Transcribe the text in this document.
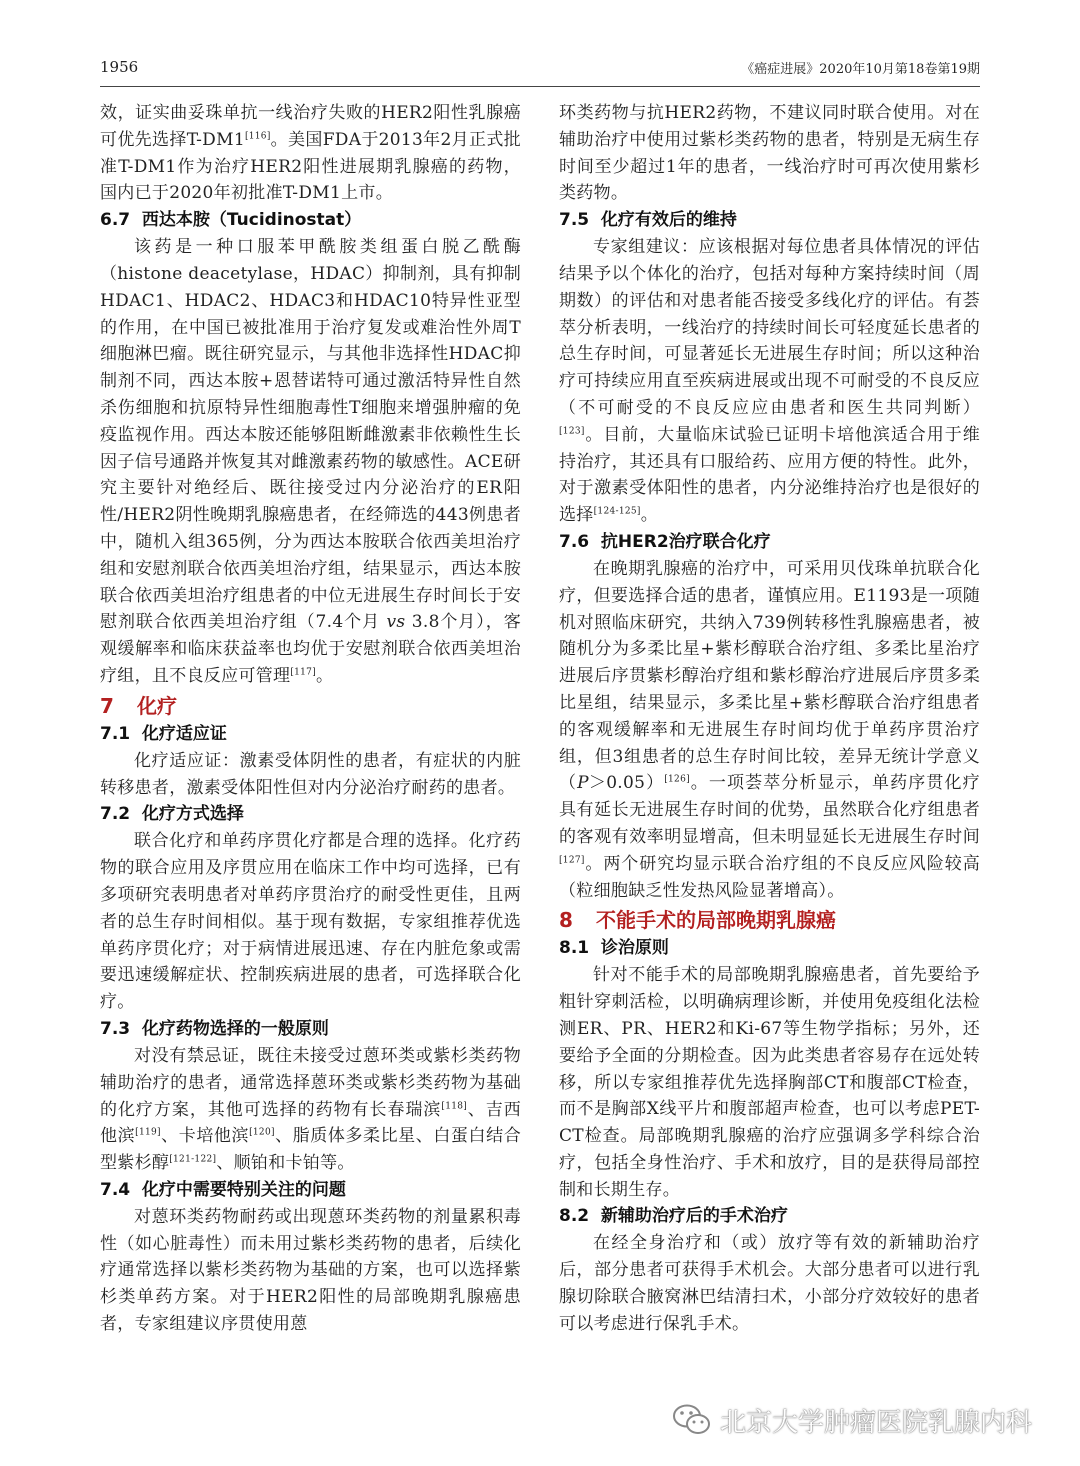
1956	《癌症进展》2020年10月第18卷第19期

效，证实曲妥珠单抗一线治疗失败的HER2阳性乳腺癌可优先选择T-DM1[116]。美国FDA于2013年2月正式批准T-DM1作为治疗HER2阳性进展期乳腺癌的药物，国内已于2020年初批准T-DM1上市。

6.7 西达本胺（Tucidinostat）

该药是一种口服苯甲酰胺类组蛋白脱乙酰酶（histone deacetylase，HDAC）抑制剂，具有抑制HDAC1、HDAC2、HDAC3和HDAC10特异性亚型的作用，在中国已被批准用于治疗复发或难治性外周T细胞淋巴瘤。既往研究显示，与其他非选择性HDAC抑制剂不同，西达本胺+恩替诺特可通过激活特异性自然杀伤细胞和抗原特异性细胞毒性T细胞来增强肿瘤的免疫监视作用。西达本胺还能够阻断雌激素非依赖性生长因子信号通路并恢复其对雌激素药物的敏感性。ACE研究主要针对绝经后、既往接受过内分泌治疗的ER阳性/HER2阴性晚期乳腺癌患者，在经筛选的443例患者中，随机入组365例，分为西达本胺联合依西美坦治疗组和安慰剂联合依西美坦治疗组，结果显示，西达本胺联合依西美坦治疗组患者的中位无进展生存时间长于安慰剂联合依西美坦治疗组（7.4个月 vs 3.8个月），客观缓解率和临床获益率也均优于安慰剂联合依西美坦治疗组，且不良反应可管理[117]。

7 化疗
7.1 化疗适应证

化疗适应证：激素受体阴性的患者，有症状的内脏转移患者，激素受体阳性但对内分泌治疗耐药的患者。

7.2 化疗方式选择

联合化疗和单药序贯化疗都是合理的选择。化疗药物的联合应用及序贯应用在临床工作中均可选择，已有多项研究表明患者对单药序贯治疗的耐受性更佳，且两者的总生存时间相似。基于现有数据，专家组推荐优选单药序贯化疗；对于病情进展迅速、存在内脏危象或需要迅速缓解症状、控制疾病进展的患者，可选择联合化疗。

7.3 化疗药物选择的一般原则

对没有禁忌证，既往未接受过蒽环类或紫杉类药物辅助治疗的患者，通常选择蒽环类或紫杉类药物为基础的化疗方案，其他可选择的药物有长春瑞滨[118]、吉西他滨[119]、卡培他滨[120]、脂质体多柔比星、白蛋白结合型紫杉醇[121-122]、顺铂和卡铂等。

7.4 化疗中需要特别关注的问题

对蒽环类药物耐药或出现蒽环类药物的剂量累积毒性（如心脏毒性）而未用过紫杉类药物的患者，后续化疗通常选择以紫杉类药物为基础的方案，也可以选择紫杉类单药方案。对于HER2阳性的局部晚期乳腺癌患者，专家组建议序贯使用蒽

环类药物与抗HER2药物，不建议同时联合使用。对在辅助治疗中使用过紫杉类药物的患者，特别是无病生存时间至少超过1年的患者，一线治疗时可再次使用紫杉类药物。

7.5 化疗有效后的维持

专家组建议：应该根据对每位患者具体情况的评估结果予以个体化的治疗，包括对每种方案持续时间（周期数）的评估和对患者能否接受多线化疗的评估。有荟萃分析表明，一线治疗的持续时间长可轻度延长患者的总生存时间，可显著延长无进展生存时间；所以这种治疗可持续应用直至疾病进展或出现不可耐受的不良反应（不可耐受的不良反应应由患者和医生共同判断）[123]。目前，大量临床试验已证明卡培他滨适合用于维持治疗，其还具有口服给药、应用方便的特性。此外，对于激素受体阳性的患者，内分泌维持治疗也是很好的选择[124-125]。

7.6 抗HER2治疗联合化疗

在晚期乳腺癌的治疗中，可采用贝伐珠单抗联合化疗，但要选择合适的患者，谨慎应用。E1193是一项随机对照临床研究，共纳入739例转移性乳腺癌患者，被随机分为多柔比星+紫杉醇联合治疗组、多柔比星治疗进展后序贯紫杉醇治疗组和紫杉醇治疗进展后序贯多柔比星组，结果显示，多柔比星+紫杉醇联合治疗组患者的客观缓解率和无进展生存时间均优于单药序贯治疗组，但3组患者的总生存时间比较，差异无统计学意义（P＞0.05）[126]。一项荟萃分析显示，单药序贯化疗具有延长无进展生存时间的优势，虽然联合化疗组患者的客观有效率明显增高，但未明显延长无进展生存时间[127]。两个研究均显示联合治疗组的不良反应风险较高（粒细胞缺乏性发热风险显著增高）。

8 不能手术的局部晚期乳腺癌
8.1 诊治原则

针对不能手术的局部晚期乳腺癌患者，首先要给予粗针穿刺活检，以明确病理诊断，并使用免疫组化法检测ER、PR、HER2和Ki-67等生物学指标；另外，还要给予全面的分期检查。因为此类患者容易存在远处转移，所以专家组推荐优先选择胸部CT和腹部CT检查，而不是胸部X线平片和腹部超声检查，也可以考虑PET-CT检查。局部晚期乳腺癌的治疗应强调多学科综合治疗，包括全身性治疗、手术和放疗，目的是获得局部控制和长期生存。

8.2 新辅助治疗后的手术治疗

在经全身治疗和（或）放疗等有效的新辅助治疗后，部分患者可获得手术机会。大部分患者可以进行乳腺切除联合腋窝淋巴结清扫术，小部分疗效较好的患者可以考虑进行保乳手术。

北京大学肿瘤医院乳腺内科
